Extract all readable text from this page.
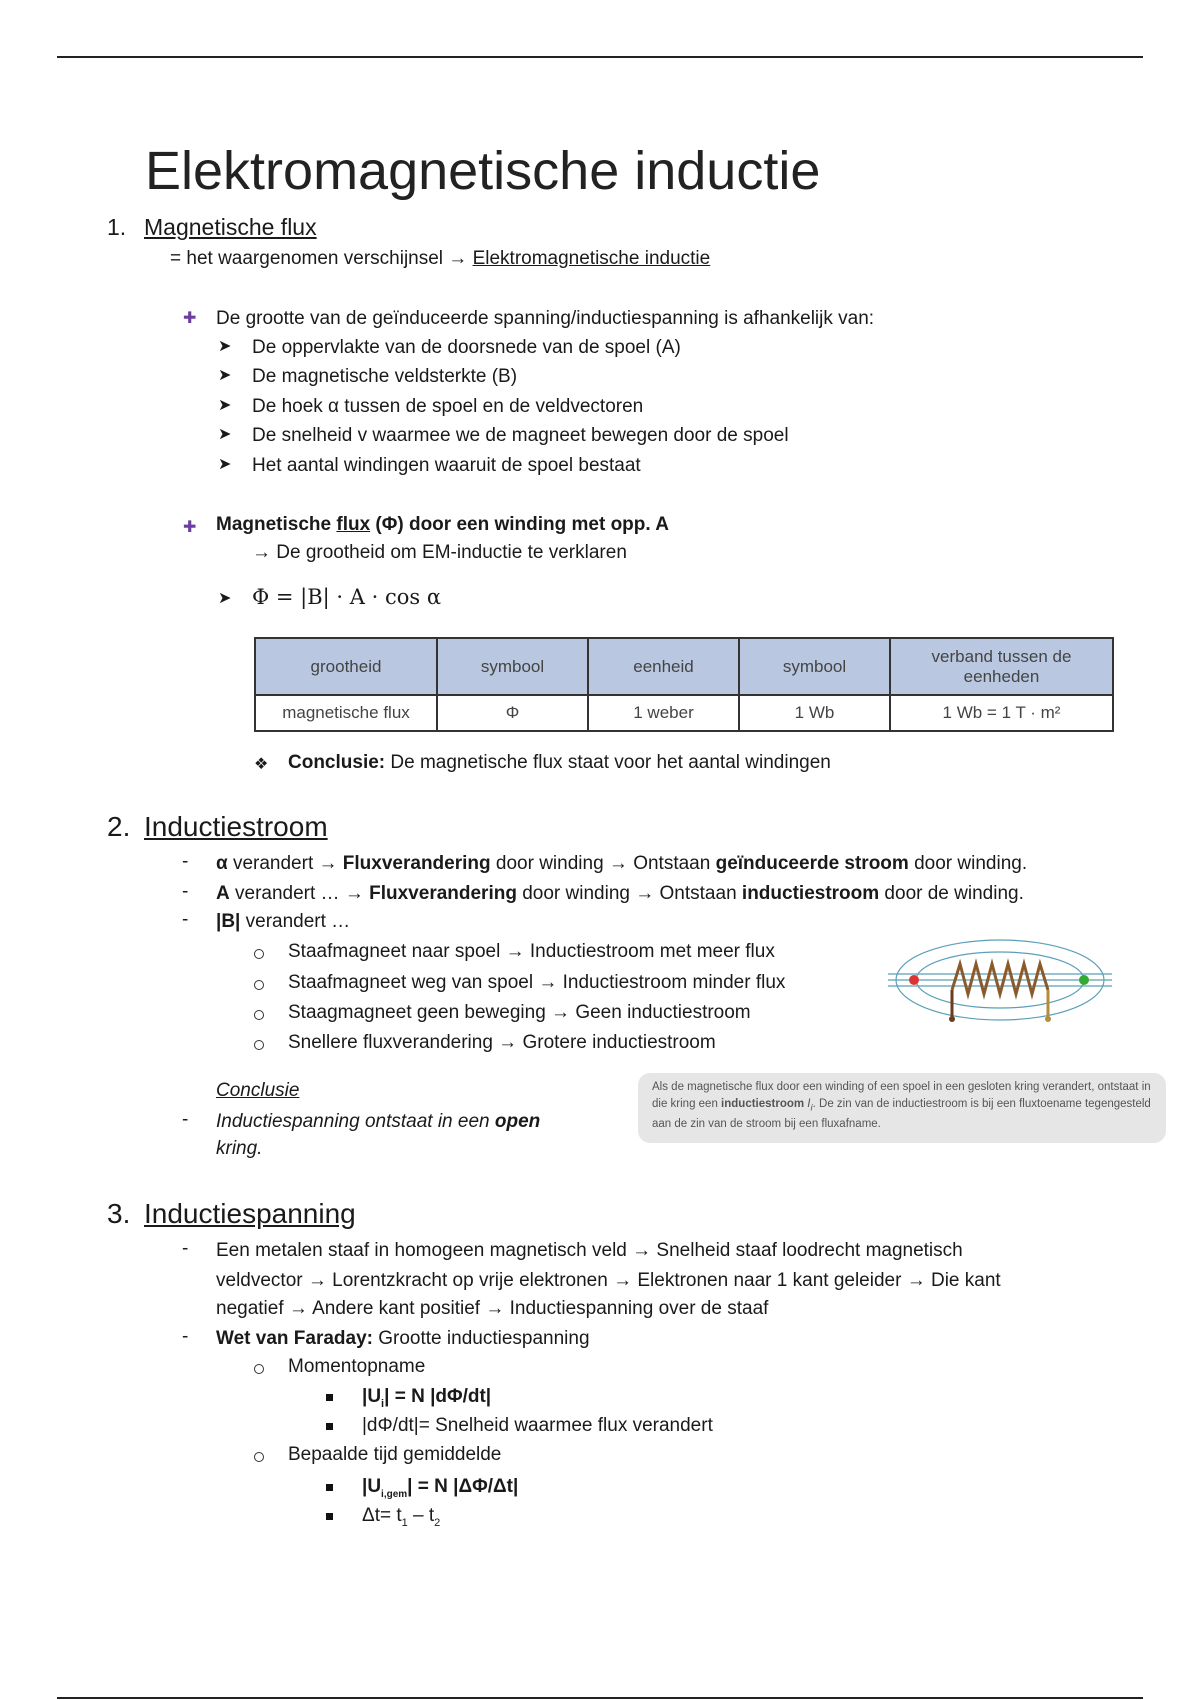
Elektromagnetische inductie
1. Magnetische flux
= het waargenomen verschijnsel → Elektromagnetische inductie
✚ De grootte van de geïnduceerde spanning/inductiespanning is afhankelijk van:
➤ De oppervlakte van de doorsnede van de spoel (A)
➤ De magnetische veldsterkte (B)
➤ De hoek α tussen de spoel en de veldvectoren
➤ De snelheid v waarmee we de magneet bewegen door de spoel
➤ Het aantal windingen waaruit de spoel bestaat
✚ Magnetische flux (Φ) door een winding met opp. A
→ De grootheid om EM-inductie te verklaren
➤ Φ = |B| · A · cos α
grootheid	symbool	eenheid	symbool	verband tussen de eenheden
magnetische flux	Φ	1 weber	1 Wb	1 Wb = 1 T · m²
❖ Conclusie: De magnetische flux staat voor het aantal windingen
2. Inductiestroom
- α verandert → Fluxverandering door winding → Ontstaan geïnduceerde stroom door winding.
- A verandert … → Fluxverandering door winding → Ontstaan inductiestroom door de winding.
- |B| verandert …
Staafmagneet naar spoel → Inductiestroom met meer flux
Staafmagneet weg van spoel → Inductiestroom minder flux
Staagmagneet geen beweging → Geen inductiestroom
Snellere fluxverandering → Grotere inductiestroom
Conclusie
- Inductiespanning ontstaat in een open
kring.
Als de magnetische flux door een winding of een spoel in een gesloten kring verandert, ontstaat in die kring een inductiestroom $I_i$. De zin van de inductiestroom is bij een fluxtoename tegengesteld aan de zin van de stroom bij een fluxafname.
3. Inductiespanning
- Een metalen staaf in homogeen magnetisch veld → Snelheid staaf loodrecht magnetisch
veldvector → Lorentzkracht op vrije elektronen → Elektronen naar 1 kant geleider → Die kant
negatief → Andere kant positief → Inductiespanning over de staaf
- Wet van Faraday: Grootte inductiespanning
Momentopname
$|U_i| = N$ |dΦ/dt|
|dΦ/dt|= Snelheid waarmee flux verandert
Bepaalde tijd gemiddelde
$|U_{i,gem}| = N$ |ΔΦ/Δt|
$\Delta t= t_1 - t_2$
